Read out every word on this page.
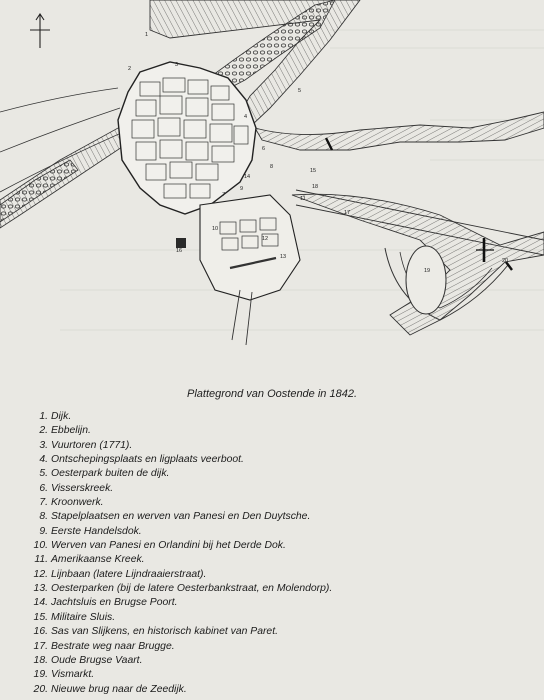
1
2
3
4
5
6
7
8
9
10
11
12
13
14
15
16
17
18
19
20
Plattegrond van Oostende in 1842.
1. Dijk.
2. Ebbelijn.
3. Vuurtoren (1771).
4. Ontschepingsplaats en ligplaats veerboot.
5. Oesterpark buiten de dijk.
6. Visserskreek.
7. Kroonwerk.
8. Stapelplaatsen en werven van Panesi en Den Duytsche.
9. Eerste Handelsdok.
10. Werven van Panesi en Orlandini bij het Derde Dok.
11. Amerikaanse Kreek.
12. Lijnbaan (latere Lijndraaierstraat).
13. Oesterparken (bij de latere Oesterbankstraat, en Molendorp).
14. Jachtsluis en Brugse Poort.
15. Militaire Sluis.
16. Sas van Slijkens, en historisch kabinet van Paret.
17. Bestrate weg naar Brugge.
18. Oude Brugse Vaart.
19. Vismarkt.
20. Nieuwe brug naar de Zeedijk.
